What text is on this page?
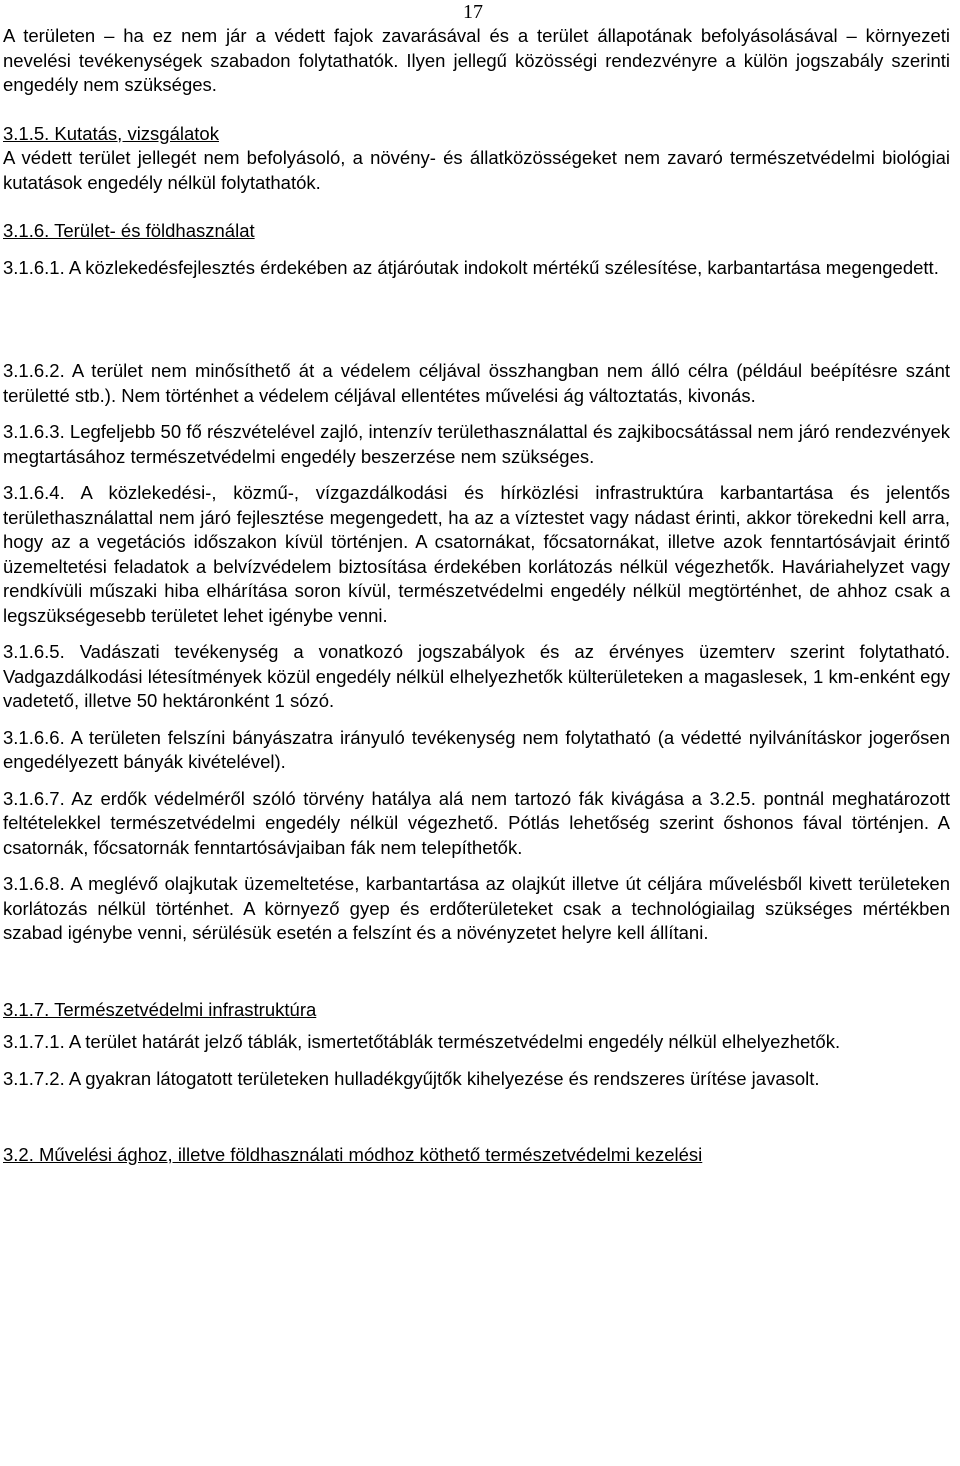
17

A területen – ha ez nem jár a védett fajok zavarásával és a terület állapotának befolyásolásával – környezeti nevelési tevékenységek szabadon folytathatók. Ilyen jellegű közösségi rendezvényre a külön jogszabály szerinti engedély nem szükséges.

3.1.5. Kutatás, vizsgálatok

A védett terület jellegét nem befolyásoló, a növény- és állatközösségeket nem zavaró természetvédelmi biológiai kutatások engedély nélkül folytathatók.

3.1.6. Terület- és földhasználat

3.1.6.1. A közlekedésfejlesztés érdekében az átjáróutak indokolt mértékű szélesítése, karbantartása megengedett.

3.1.6.2. A terület nem minősíthető át a védelem céljával összhangban nem álló célra (például beépítésre szánt területté stb.). Nem történhet a védelem céljával ellentétes művelési ág változtatás, kivonás.

3.1.6.3. Legfeljebb 50 fő részvételével zajló, intenzív területhasználattal és zajkibocsátással nem járó rendezvények megtartásához természetvédelmi engedély beszerzése nem szükséges.

3.1.6.4. A közlekedési-, közmű-, vízgazdálkodási és hírközlési infrastruktúra karbantartása és jelentős területhasználattal nem járó fejlesztése megengedett, ha az a víztestet vagy nádast érinti, akkor törekedni kell arra, hogy az a vegetációs időszakon kívül történjen. A csatornákat, főcsatornákat, illetve azok fenntartósávjait érintő üzemeltetési feladatok a belvízvédelem biztosítása érdekében korlátozás nélkül végezhetők. Haváriahelyzet vagy rendkívüli műszaki hiba elhárítása soron kívül, természetvédelmi engedély nélkül megtörténhet, de ahhoz csak a legszükségesebb területet lehet igénybe venni.

3.1.6.5. Vadászati tevékenység a vonatkozó jogszabályok és az érvényes üzemterv szerint folytatható. Vadgazdálkodási létesítmények közül engedély nélkül elhelyezhetők külterületeken a magaslesek, 1 km-enként egy vadetető, illetve 50 hektáronként 1 sózó.

3.1.6.6. A területen felszíni bányászatra irányuló tevékenység nem folytatható (a védetté nyilvánításkor jogerősen engedélyezett bányák kivételével).

3.1.6.7. Az erdők védelméről szóló törvény hatálya alá nem tartozó fák kivágása a 3.2.5. pontnál meghatározott feltételekkel természetvédelmi engedély nélkül végezhető. Pótlás lehetőség szerint őshonos fával történjen. A csatornák, főcsatornák fenntartósávjaiban fák nem telepíthetők.

3.1.6.8. A meglévő olajkutak üzemeltetése, karbantartása az olajkút illetve út céljára művelésből kivett területeken korlátozás nélkül történhet. A környező gyep és erdőterületeket csak a technológiailag szükséges mértékben szabad igénybe venni, sérülésük esetén a felszínt és a növényzetet helyre kell állítani.

3.1.7. Természetvédelmi infrastruktúra

3.1.7.1. A terület határát jelző táblák, ismertetőtáblák természetvédelmi engedély nélkül elhelyezhetők.

3.1.7.2. A gyakran látogatott területeken hulladékgyűjtők kihelyezése és rendszeres ürítése javasolt.

3.2. Művelési ághoz, illetve földhasználati módhoz köthető természetvédelmi kezelési
